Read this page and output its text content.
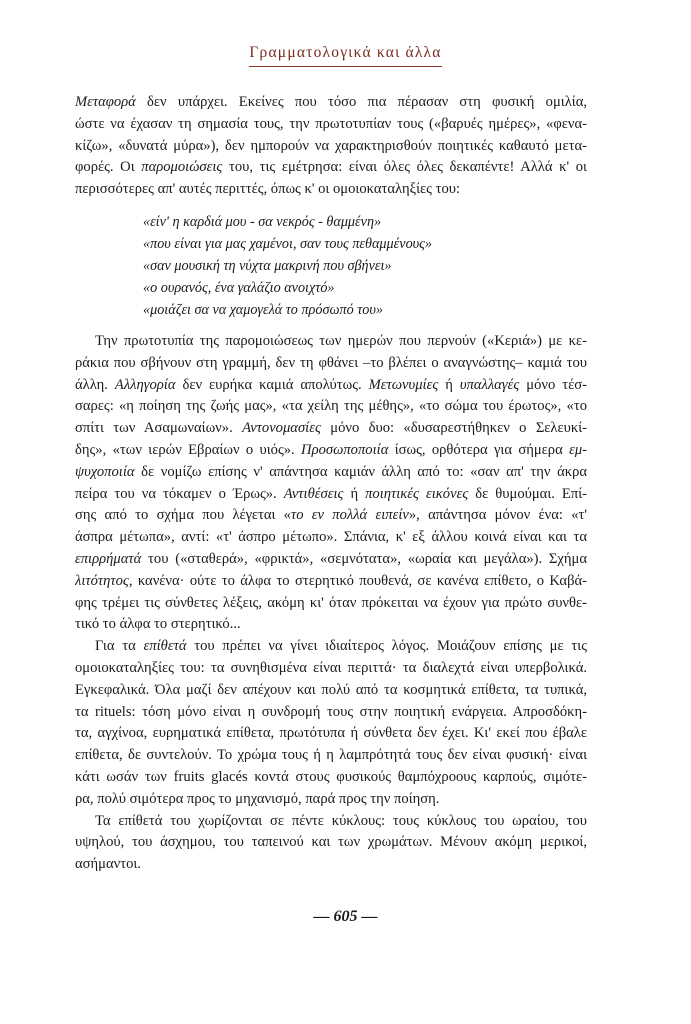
Γραμματολογικά και άλλα
Μεταφορά δεν υπάρχει. Εκείνες που τόσο πια πέρασαν στη φυσική ομιλία,
ώστε να έχασαν τη σημασία τους, την πρωτοτυπίαν τους («βαρυές ημέρες», «φενα-
κίζω», «δυνατά μύρα»), δεν ημπορούν να χαρακτηρισθούν ποιητικές καθαυτό μετα-
φορές. Οι παρομοιώσεις του, τις εμέτρησα: είναι όλες όλες δεκαπέντε! Αλλά κ' οι
περισσότερες απ' αυτές περιττές, όπως κ' οι ομοιοκαταληξίες του:
«είν' η καρδιά μου - σα νεκρός - θαμμένη»
«που είναι για μας χαμένοι, σαν τους πεθαμμένους»
«σαν μουσική τη νύχτα μακρινή που σβήνει»
«ο ουρανός, ένα γαλάζιο ανοιχτό»
«μοιάζει σα να χαμογελά το πρόσωπό του»
Την πρωτοτυπία της παρομοιώσεως των ημερών που περνούν («Κεριά») με κε-
ράκια που σβήνουν στη γραμμή, δεν τη φθάνει –το βλέπει ο αναγνώστης– καμιά του
άλλη. Αλληγορία δεν ευρήκα καμιά απολύτως. Μετωνυμίες ή υπαλλαγές μόνο τέσ-
σαρες: «η ποίηση της ζωής μας», «τα χείλη της μέθης», «το σώμα του έρωτος», «το
σπίτι των Ασαμωναίων». Αντονομασίες μόνο δυο: «δυσαρεστήθηκεν ο Σελευκί-
δης», «των ιερών Εβραίων ο υιός». Προσωποποιία ίσως, ορθότερα για σήμερα εμ-
ψυχοποιία δε νομίζω επίσης ν' απάντησα καμιάν άλλη από το: «σαν απ' την άκρα
πείρα του να τόκαμεν ο Έρως». Αντιθέσεις ή ποιητικές εικόνες δε θυμούμαι. Επί-
σης από το σχήμα που λέγεται «το εν πολλά ειπείν», απάντησα μόνον ένα: «τ'
άσπρα μέτωπα», αντί: «τ' άσπρο μέτωπο». Σπάνια, κ' εξ άλλου κοινά είναι και τα
επιρρήματά του («σταθερά», «φρικτά», «σεμνότατα», «ωραία και μεγάλα»). Σχήμα
λιτότητος, κανένα· ούτε το άλφα το στερητικό πουθενά, σε κανένα επίθετο, ο Καβά-
φης τρέμει τις σύνθετες λέξεις, ακόμη κι' όταν πρόκειται να έχουν για πρώτο συνθε-
τικό το άλφα το στερητικό...
Για τα επίθετά του πρέπει να γίνει ιδιαίτερος λόγος. Μοιάζουν επίσης με τις
ομοιοκαταληξίες του: τα συνηθισμένα είναι περιττά· τα διαλεχτά είναι υπερβολικά.
Εγκεφαλικά. Όλα μαζί δεν απέχουν και πολύ από τα κοσμητικά επίθετα, τα τυπικά,
τα rituels: τόση μόνο είναι η συνδρομή τους στην ποιητική ενάργεια. Απροσδόκη-
τα, αγχίνοα, ευρηματικά επίθετα, πρωτότυπα ή σύνθετα δεν έχει. Κι' εκεί που έβαλε
επίθετα, δε συντελούν. Το χρώμα τους ή η λαμπρότητά τους δεν είναι φυσική· είναι
κάτι ωσάν των fruits glacés κοντά στους φυσικούς θαμπόχροους καρπούς, σιμότε-
ρα, πολύ σιμότερα προς το μηχανισμό, παρά προς την ποίηση.
Τα επίθετά του χωρίζονται σε πέντε κύκλους: τους κύκλους του ωραίου, του
υψηλού, του άσχημου, του ταπεινού και των χρωμάτων. Μένουν ακόμη μερικοί,
ασήμαντοι.
— 605 —
